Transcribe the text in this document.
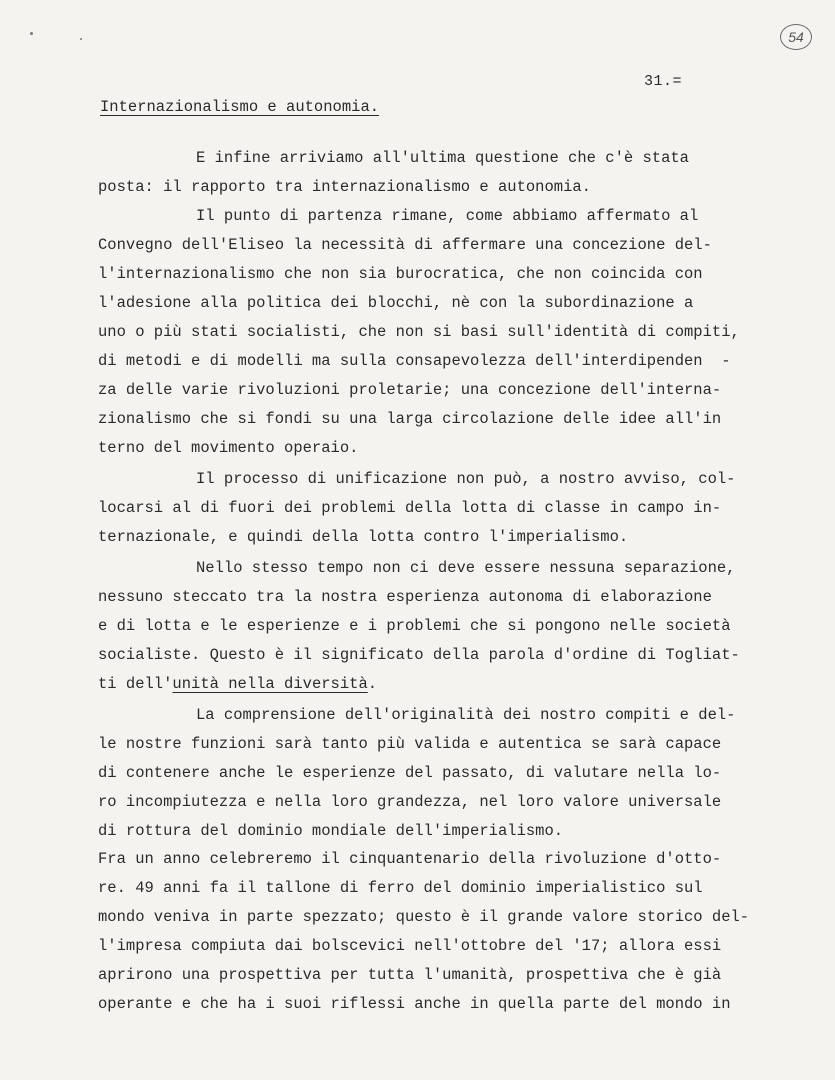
54
31.=
Internazionalismo e autonomia.
E infine arriviamo all'ultima questione che c'è stata
posta: il rapporto tra internazionalismo e autonomia.
Il punto di partenza rimane, come abbiamo affermato al
Convegno dell'Eliseo la necessità di affermare una concezione del-
l'internazionalismo che non sia burocratica, che non coincida con
l'adesione alla politica dei blocchi, nè con la subordinazione a
uno o più stati socialisti, che non si basi sull'identità di compiti,
di metodi e di modelli ma sulla consapevolezza dell'interdipenden  -
za delle varie rivoluzioni proletarie; una concezione dell'interna-
zionalismo che si fondi su una larga circolazione delle idee all'in
terno del movimento operaio.
Il processo di unificazione non può, a nostro avviso, col-
locarsi al di fuori dei problemi della lotta di classe in campo in-
ternazionale, e quindi della lotta contro l'imperialismo.
Nello stesso tempo non ci deve essere nessuna separazione,
nessuno steccato tra la nostra esperienza autonoma di elaborazione
e di lotta e le esperienze e i problemi che si pongono nelle società
socialiste. Questo è il significato della parola d'ordine di Togliat-
ti dell'unità nella diversità.
La comprensione dell'originalità dei nostro compiti e del-
le nostre funzioni sarà tanto più valida e autentica se sarà capace
di contenere anche le esperienze del passato, di valutare nella lo-
ro incompiutezza e nella loro grandezza, nel loro valore universale
di rottura del dominio mondiale dell'imperialismo.
Fra un anno celebreremo il cinquantenario della rivoluzione d'otto-
re. 49 anni fa il tallone di ferro del dominio imperialistico sul
mondo veniva in parte spezzato; questo è il grande valore storico del-
l'impresa compiuta dai bolscevici nell'ottobre del '17; allora essi
aprirono una prospettiva per tutta l'umanità, prospettiva che è già
operante e che ha i suoi riflessi anche in quella parte del mondo in
